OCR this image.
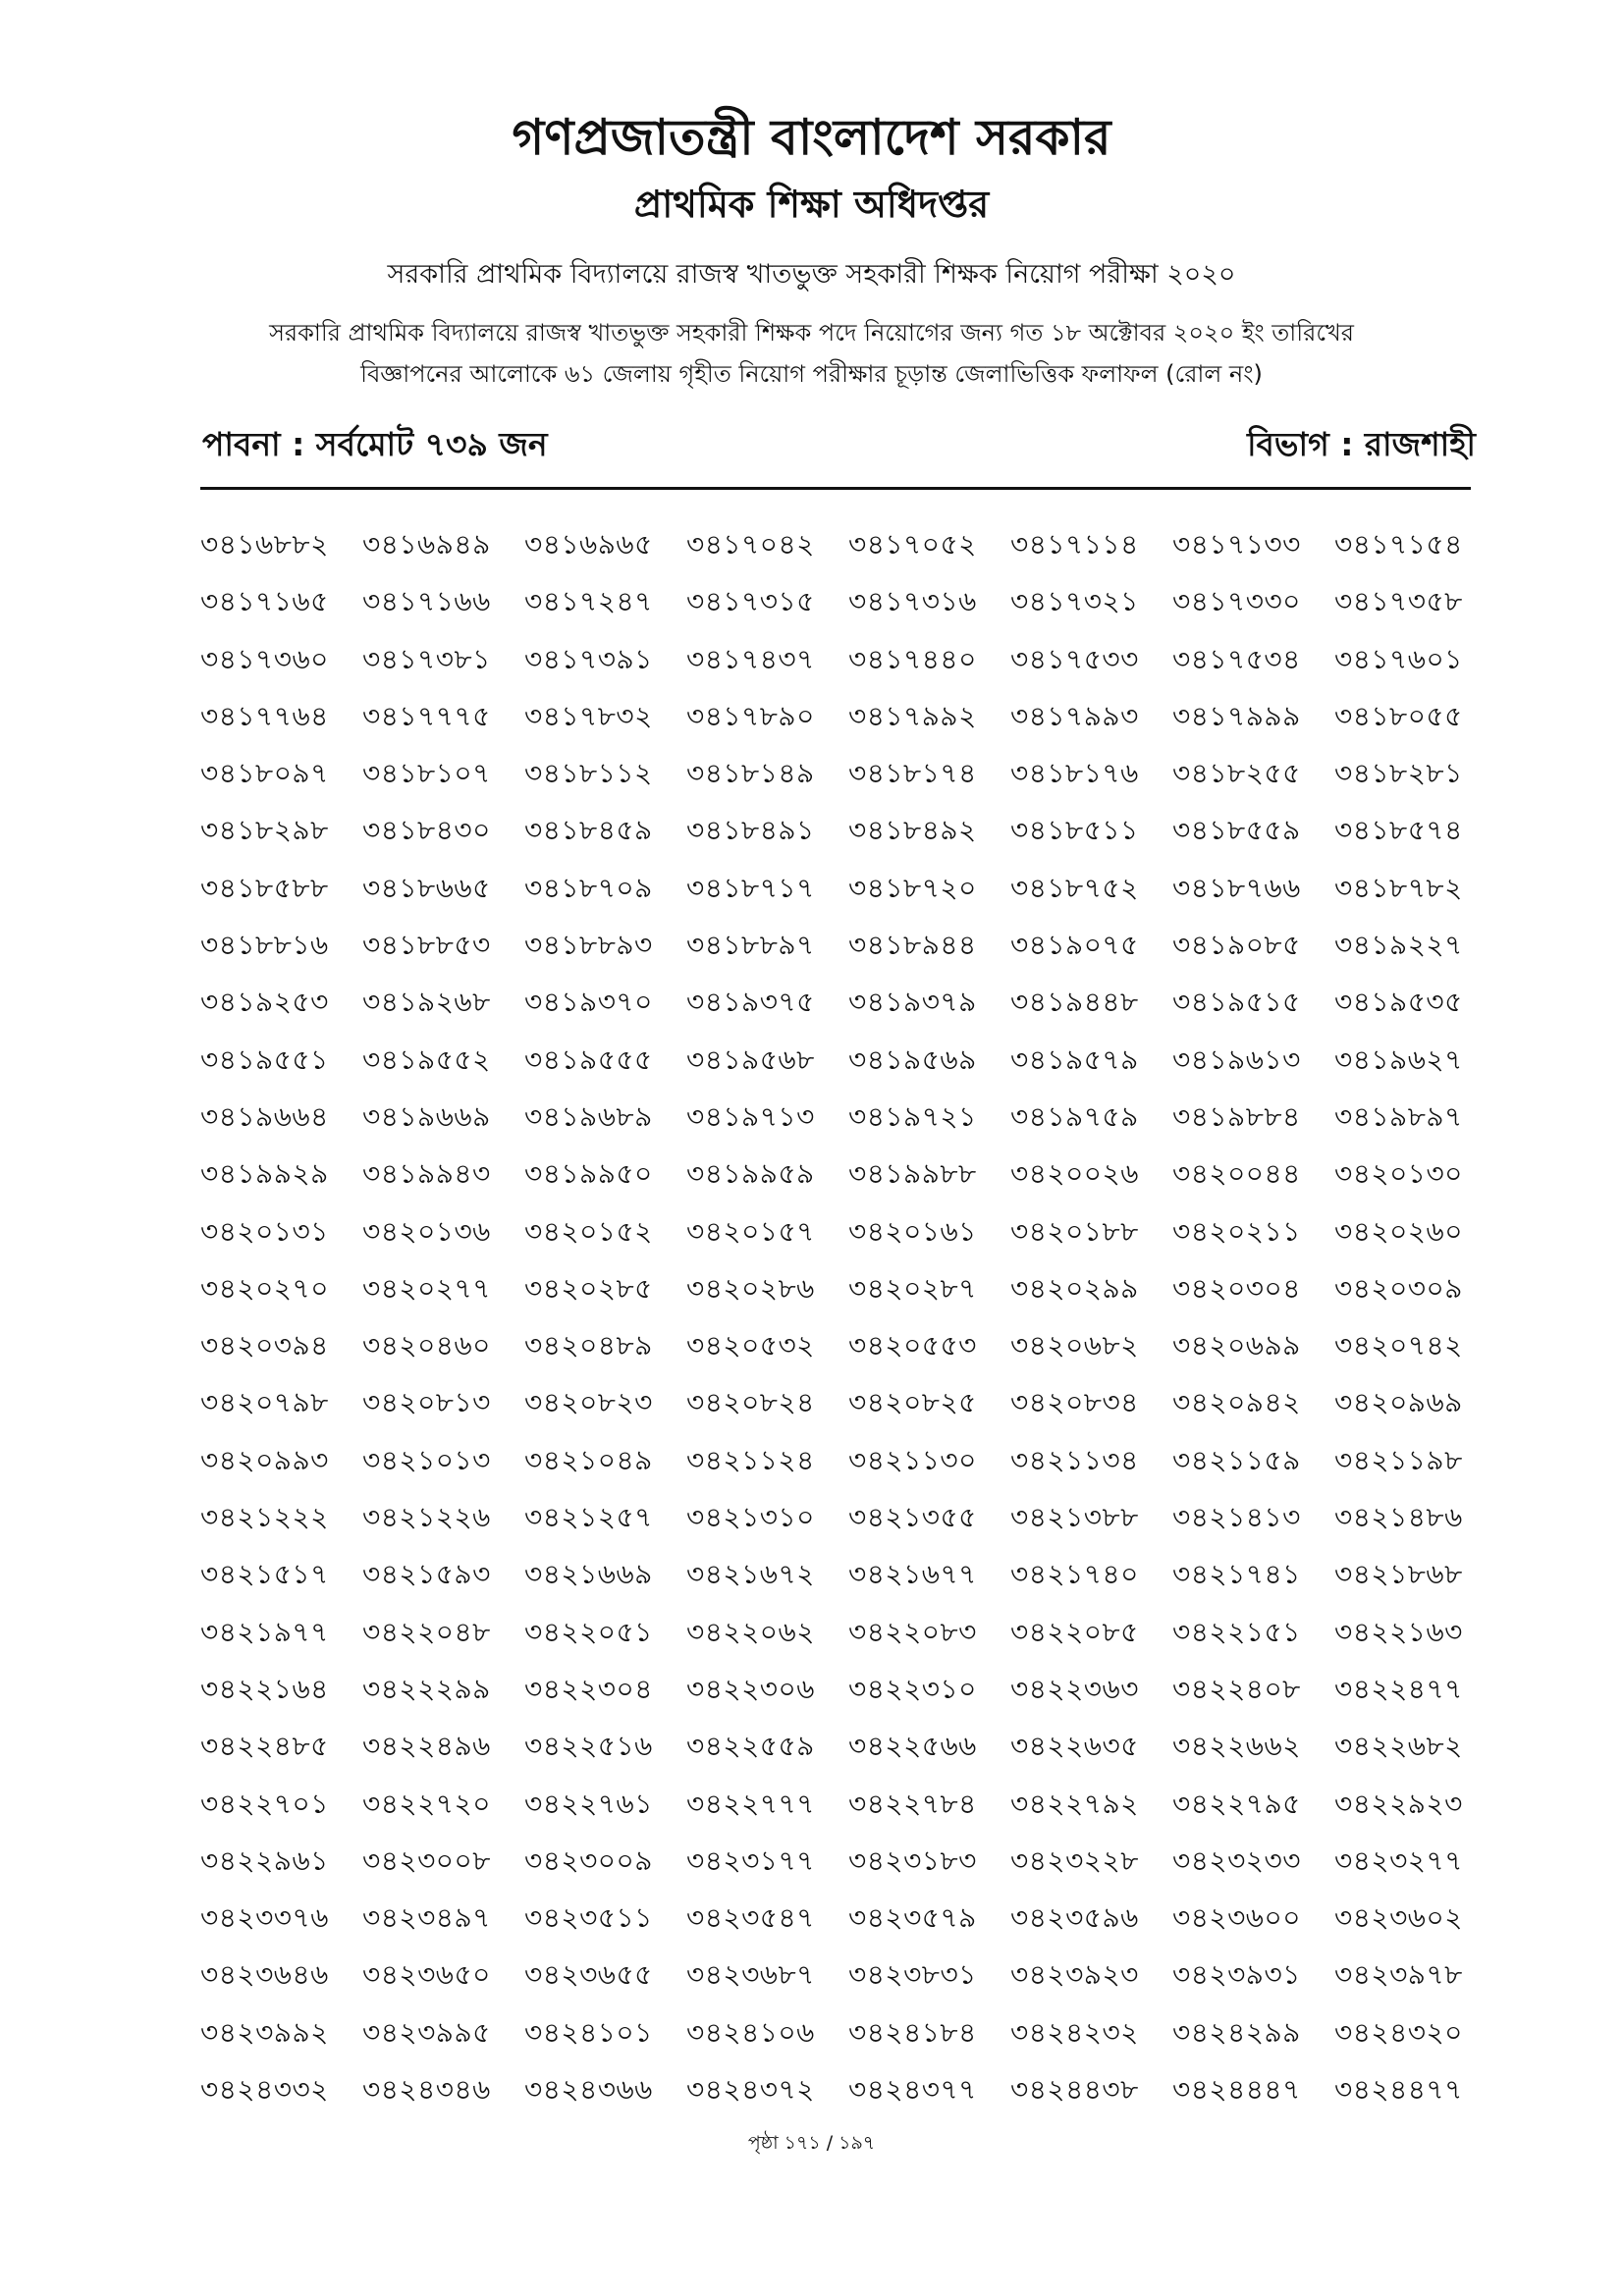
গণপ্রজাতন্ত্রী বাংলাদেশ সরকার
প্রাথমিক শিক্ষা অধিদপ্তর
সরকারি প্রাথমিক বিদ্যালয়ে রাজস্ব খাতভুক্ত সহকারী শিক্ষক নিয়োগ পরীক্ষা ২০২০
সরকারি প্রাথমিক বিদ্যালয়ে রাজস্ব খাতভুক্ত সহকারী শিক্ষক পদে নিয়োগের জন্য গত ১৮ অক্টোবর ২০২০ ইং তারিখের
বিজ্ঞাপনের আলোকে ৬১ জেলায় গৃহীত নিয়োগ পরীক্ষার চূড়ান্ত জেলাভিত্তিক ফলাফল (রোল নং)
পাবনা : সর্বমোট ৭৩৯ জন	বিভাগ : রাজশাহী
৩৪১৬৮৮২	৩৪১৬৯৪৯	৩৪১৬৯৬৫	৩৪১৭০৪২	৩৪১৭০৫২	৩৪১৭১১৪	৩৪১৭১৩৩	৩৪১৭১৫৪
৩৪১৭১৬৫	৩৪১৭১৬৬	৩৪১৭২৪৭	৩৪১৭৩১৫	৩৪১৭৩১৬	৩৪১৭৩২১	৩৪১৭৩৩০	৩৪১৭৩৫৮
৩৪১৭৩৬০	৩৪১৭৩৮১	৩৪১৭৩৯১	৩৪১৭৪৩৭	৩৪১৭৪৪০	৩৪১৭৫৩৩	৩৪১৭৫৩৪	৩৪১৭৬০১
৩৪১৭৭৬৪	৩৪১৭৭৭৫	৩৪১৭৮৩২	৩৪১৭৮৯০	৩৪১৭৯৯২	৩৪১৭৯৯৩	৩৪১৭৯৯৯	৩৪১৮০৫৫
৩৪১৮০৯৭	৩৪১৮১০৭	৩৪১৮১১২	৩৪১৮১৪৯	৩৪১৮১৭৪	৩৪১৮১৭৬	৩৪১৮২৫৫	৩৪১৮২৮১
৩৪১৮২৯৮	৩৪১৮৪৩০	৩৪১৮৪৫৯	৩৪১৮৪৯১	৩৪১৮৪৯২	৩৪১৮৫১১	৩৪১৮৫৫৯	৩৪১৮৫৭৪
৩৪১৮৫৮৮	৩৪১৮৬৬৫	৩৪১৮৭০৯	৩৪১৮৭১৭	৩৪১৮৭২০	৩৪১৮৭৫২	৩৪১৮৭৬৬	৩৪১৮৭৮২
৩৪১৮৮১৬	৩৪১৮৮৫৩	৩৪১৮৮৯৩	৩৪১৮৮৯৭	৩৪১৮৯৪৪	৩৪১৯০৭৫	৩৪১৯০৮৫	৩৪১৯২২৭
৩৪১৯২৫৩	৩৪১৯২৬৮	৩৪১৯৩৭০	৩৪১৯৩৭৫	৩৪১৯৩৭৯	৩৪১৯৪৪৮	৩৪১৯৫১৫	৩৪১৯৫৩৫
৩৪১৯৫৫১	৩৪১৯৫৫২	৩৪১৯৫৫৫	৩৪১৯৫৬৮	৩৪১৯৫৬৯	৩৪১৯৫৭৯	৩৪১৯৬১৩	৩৪১৯৬২৭
৩৪১৯৬৬৪	৩৪১৯৬৬৯	৩৪১৯৬৮৯	৩৪১৯৭১৩	৩৪১৯৭২১	৩৪১৯৭৫৯	৩৪১৯৮৮৪	৩৪১৯৮৯৭
৩৪১৯৯২৯	৩৪১৯৯৪৩	৩৪১৯৯৫০	৩৪১৯৯৫৯	৩৪১৯৯৮৮	৩৪২০০২৬	৩৪২০০৪৪	৩৪২০১৩০
৩৪২০১৩১	৩৪২০১৩৬	৩৪২০১৫২	৩৪২০১৫৭	৩৪২০১৬১	৩৪২০১৮৮	৩৪২০২১১	৩৪২০২৬০
৩৪২০২৭০	৩৪২০২৭৭	৩৪২০২৮৫	৩৪২০২৮৬	৩৪২০২৮৭	৩৪২০২৯৯	৩৪২০৩০৪	৩৪২০৩০৯
৩৪২০৩৯৪	৩৪২০৪৬০	৩৪২০৪৮৯	৩৪২০৫৩২	৩৪২০৫৫৩	৩৪২০৬৮২	৩৪২০৬৯৯	৩৪২০৭৪২
৩৪২০৭৯৮	৩৪২০৮১৩	৩৪২০৮২৩	৩৪২০৮২৪	৩৪২০৮২৫	৩৪২০৮৩৪	৩৪২০৯৪২	৩৪২০৯৬৯
৩৪২০৯৯৩	৩৪২১০১৩	৩৪২১০৪৯	৩৪২১১২৪	৩৪২১১৩০	৩৪২১১৩৪	৩৪২১১৫৯	৩৪২১১৯৮
৩৪২১২২২	৩৪২১২২৬	৩৪২১২৫৭	৩৪২১৩১০	৩৪২১৩৫৫	৩৪২১৩৮৮	৩৪২১৪১৩	৩৪২১৪৮৬
৩৪২১৫১৭	৩৪২১৫৯৩	৩৪২১৬৬৯	৩৪২১৬৭২	৩৪২১৬৭৭	৩৪২১৭৪০	৩৪২১৭৪১	৩৪২১৮৬৮
৩৪২১৯৭৭	৩৪২২০৪৮	৩৪২২০৫১	৩৪২২০৬২	৩৪২২০৮৩	৩৪২২০৮৫	৩৪২২১৫১	৩৪২২১৬৩
৩৪২২১৬৪	৩৪২২২৯৯	৩৪২২৩০৪	৩৪২২৩০৬	৩৪২২৩১০	৩৪২২৩৬৩	৩৪২২৪০৮	৩৪২২৪৭৭
৩৪২২৪৮৫	৩৪২২৪৯৬	৩৪২২৫১৬	৩৪২২৫৫৯	৩৪২২৫৬৬	৩৪২২৬৩৫	৩৪২২৬৬২	৩৪২২৬৮২
৩৪২২৭০১	৩৪২২৭২০	৩৪২২৭৬১	৩৪২২৭৭৭	৩৪২২৭৮৪	৩৪২২৭৯২	৩৪২২৭৯৫	৩৪২২৯২৩
৩৪২২৯৬১	৩৪২৩০০৮	৩৪২৩০০৯	৩৪২৩১৭৭	৩৪২৩১৮৩	৩৪২৩২২৮	৩৪২৩২৩৩	৩৪২৩২৭৭
৩৪২৩৩৭৬	৩৪২৩৪৯৭	৩৪২৩৫১১	৩৪২৩৫৪৭	৩৪২৩৫৭৯	৩৪২৩৫৯৬	৩৪২৩৬০০	৩৪২৩৬০২
৩৪২৩৬৪৬	৩৪২৩৬৫০	৩৪২৩৬৫৫	৩৪২৩৬৮৭	৩৪২৩৮৩১	৩৪২৩৯২৩	৩৪২৩৯৩১	৩৪২৩৯৭৮
৩৪২৩৯৯২	৩৪২৩৯৯৫	৩৪২৪১০১	৩৪২৪১০৬	৩৪২৪১৮৪	৩৪২৪২৩২	৩৪২৪২৯৯	৩৪২৪৩২০
৩৪২৪৩৩২	৩৪২৪৩৪৬	৩৪২৪৩৬৬	৩৪২৪৩৭২	৩৪২৪৩৭৭	৩৪২৪৪৩৮	৩৪২৪৪৪৭	৩৪২৪৪৭৭
পৃষ্ঠা ১৭১ / ১৯৭
